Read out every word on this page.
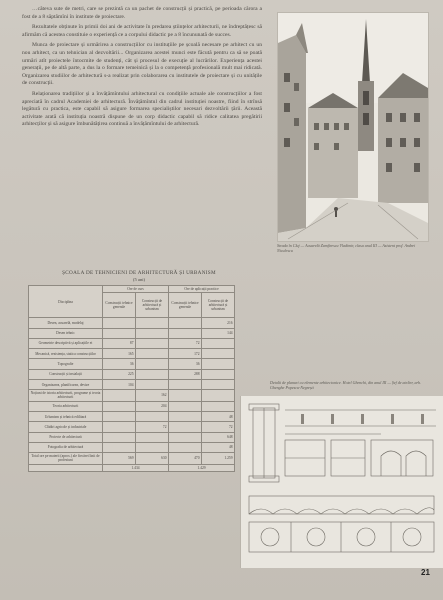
…căteva sute de metri, care se prezintă ca un pachet de construcții și practică, pe perioada cărora a fost de a 8 săptămîni în institute de proiectare.

Rezultatele obținute în primii doi ani de activitate în predarea științelor arhitecturii, ne îndreptățesc să afirmăm că acestea constituie o experiență ce a corpului didactic pe a 8 încununată de succes.

Munca de proiectare și urmărirea a construcțiilor cu instituțiile pe școală necesare pe arhitect cu un nou arhitect, ca un tehnician al dezvoltării... Organizarea acestei munci este făcută pentru ca să se poată urmări atît proiectele întocmite de studenți, cât și procesul de execuție al lucrărilor. Experiența acestei generații, pe de altă parte, a dus la o formare temeinică și la o competență profesională mult mai ridicată. Organizarea studiilor de arhitectură s-a realizat prin colaborarea cu institutele de proiectare și cu unitățile de construcții.

Relaționarea tradițiilor și a învățămîntului arhitectural cu condițiile actuale ale construcțiilor a fost apreciată în cadrul Academiei de arhitectură. Învățămîntul din cadrul instituției noastre, fiind în strînsă legătură cu practica, este capabil să asigure formarea specialiștilor necesari dezvoltării țării. Această activitate arată că instituția noastră dispune de un corp didactic capabil să ridice calitatea pregătirii arhitecților și să asigure îmbunătățirea continuă a învățămîntului de arhitectură.

Strada în Cluj — Acuarelă Zamfirescu Vladimir, clasa anul III — Asistent prof. Andrei Niculescu
ȘCOALA DE TEHNICIENI DE ARHITECTURĂ ȘI URBANISM
(5 ani)
Disciplina	Ore de curs		Ore de aplicații practice	
	Construcții tehnice generale	Construcții de arhitectură și urbanism	Construcții tehnice generale	Construcții de arhitectură și urbanism
Desen, acuarelă, modelaj				216
Desen tehnic				144
Geometrie descriptivă și aplicațiile ei	87		72	
Mecanică, rezistența, statica construcțiilor	165		172	
Topografie	36		36	
Construcții și instalații	225		288	
Organizarea, planificarea, devize	104			
Noțiuni de istoria arhitecturii, programe și teoria arhitecturii		162		
Teoria arhitecturii		204		
Urbanism și tehnică edilitară				48
Clădiri agricole și industriale		72		72
Proiecte de arhitectură				648
Fotografia de arhitectură				48
Total ore pe materii (aprox.) ale fiecărei linii de profesiuni	569	630	470	1.259
	1.434		1.429	
Detalii de planuri cu elemente arhitectonice. Hotel Ghenchi, din anul III — Șef de atelier, arh. Ghenghe Popescu-Negrești
21
